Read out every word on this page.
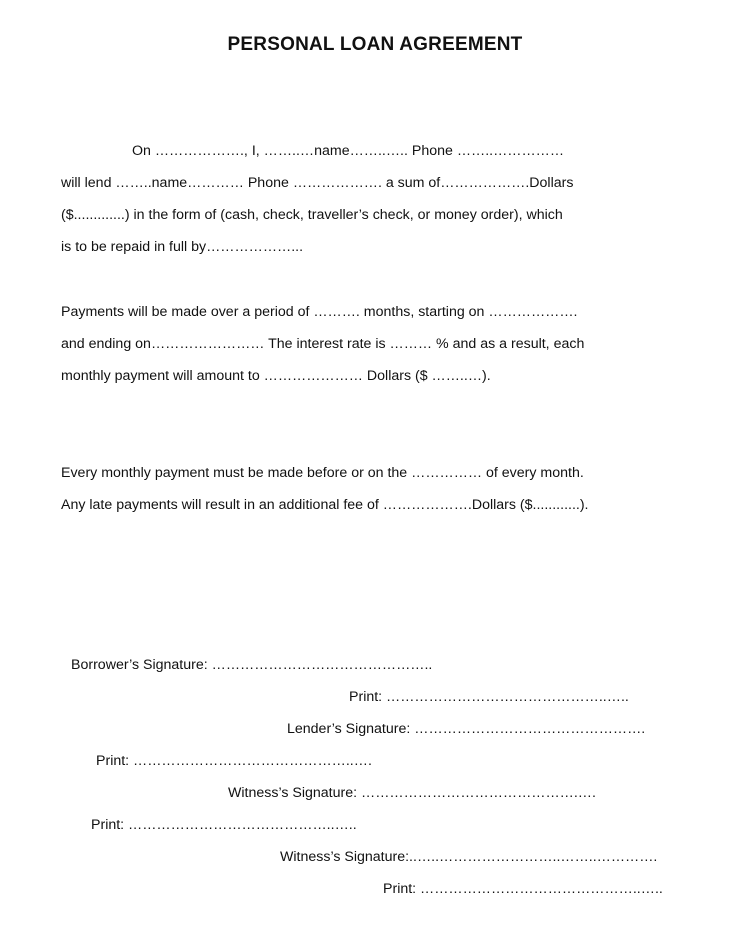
PERSONAL LOAN AGREEMENT
On ………………., I, ……..…name……..….. Phone ……..……………
will lend ……..name………… Phone ………………. a sum of……………….Dollars
($.............) in the form of (cash, check, traveller’s check, or money order), which
is to be repaid in full by………………...
Payments will be made over a period of ………. months, starting on ……………….
and ending on…………………… The interest rate is ……… % and as a result, each
monthly payment will amount to ………………… Dollars ($ ……..…).
Every monthly payment must be made before or on the …………… of every month.
Any late payments will result in an additional fee of ……………….Dollars ($............).
Borrower’s Signature: ………………………………………..
Print: ………………………………………..…..
Lender’s Signature: ………………………………………….
Print: ………………………………………..….
Witness’s Signature: ……………………………………….….
Print: ……………………………………..…..
Witness’s Signature:..…..……………………..……..………….
Print: ………………………………………..…..
